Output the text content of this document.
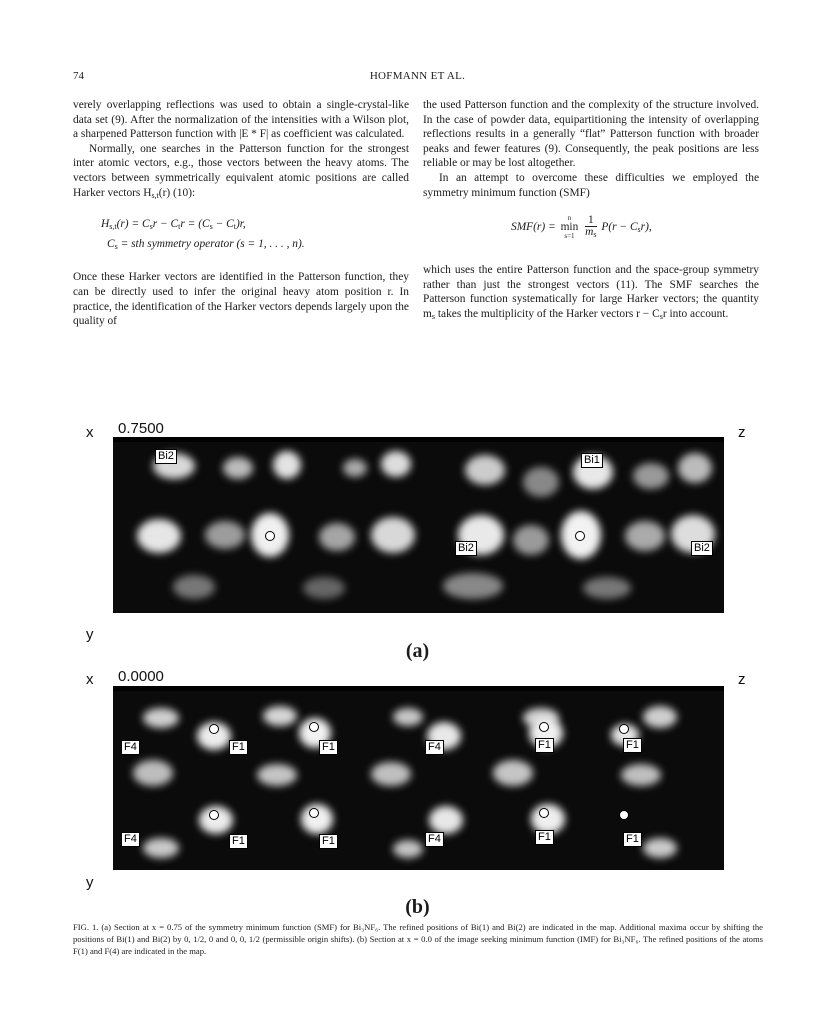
74	HOFMANN ET AL.

verely overlapping reflections was used to obtain a single-crystal-like data set (9). After the normalization of the intensities with a Wilson plot, a sharpened Patterson function with |E * F| as coefficient was calculated.

Normally, one searches in the Patterson function for the strongest inter atomic vectors, e.g., those vectors between the heavy atoms. The vectors between symmetrically equivalent atomic positions are called Harker vectors $H_{s,t}(r)$ (10):

$H_{s,t}(r) = C_sr - C_tr = (C_s - C_t)r$,
$C_s$ = sth symmetry operator (s = 1, . . . , n).

Once these Harker vectors are identified in the Patterson function, they can be directly used to infer the original heavy atom position r. In practice, the identification of the Harker vectors depends largely upon the quality of

the used Patterson function and the complexity of the structure involved. In the case of powder data, equipartitioning the intensity of overlapping reflections results in a generally “flat” Patterson function with broader peaks and fewer features (9). Consequently, the peak positions are less reliable or may be lost altogether.

In an attempt to overcome these difficulties we employed the symmetry minimum function (SMF)

SMF(r) =
n
min
s=1
$\frac{1}{m_s} P(r - C_sr)$,

which uses the entire Patterson function and the space-group symmetry rather than just the strongest vectors (11). The SMF searches the Patterson function systematically for large Harker vectors; the quantity $m_s$ takes the multiplicity of the Harker vectors $r - C_sr$ into account.

x 0.7500	z
Bi2	Bi1
Bi2	Bi2
y
(a)
x 0.0000	z
F4	F1	F1	F4	F1	F1
F4	F1	F1	F4	F1	F1
y
(b)
FIG. 1. (a) Section at x = 0.75 of the symmetry minimum function (SMF) for Bi₃NF₆. The refined positions of Bi(1) and Bi(2) are indicated in the map. Additional maxima occur by shifting the positions of Bi(1) and Bi(2) by 0, 1/2, 0 and 0, 0, 1/2 (permissible origin shifts). (b) Section at x = 0.0 of the image seeking minimum function (IMF) for Bi₃NF₆. The refined positions of the atoms F(1) and F(4) are indicated in the map.
